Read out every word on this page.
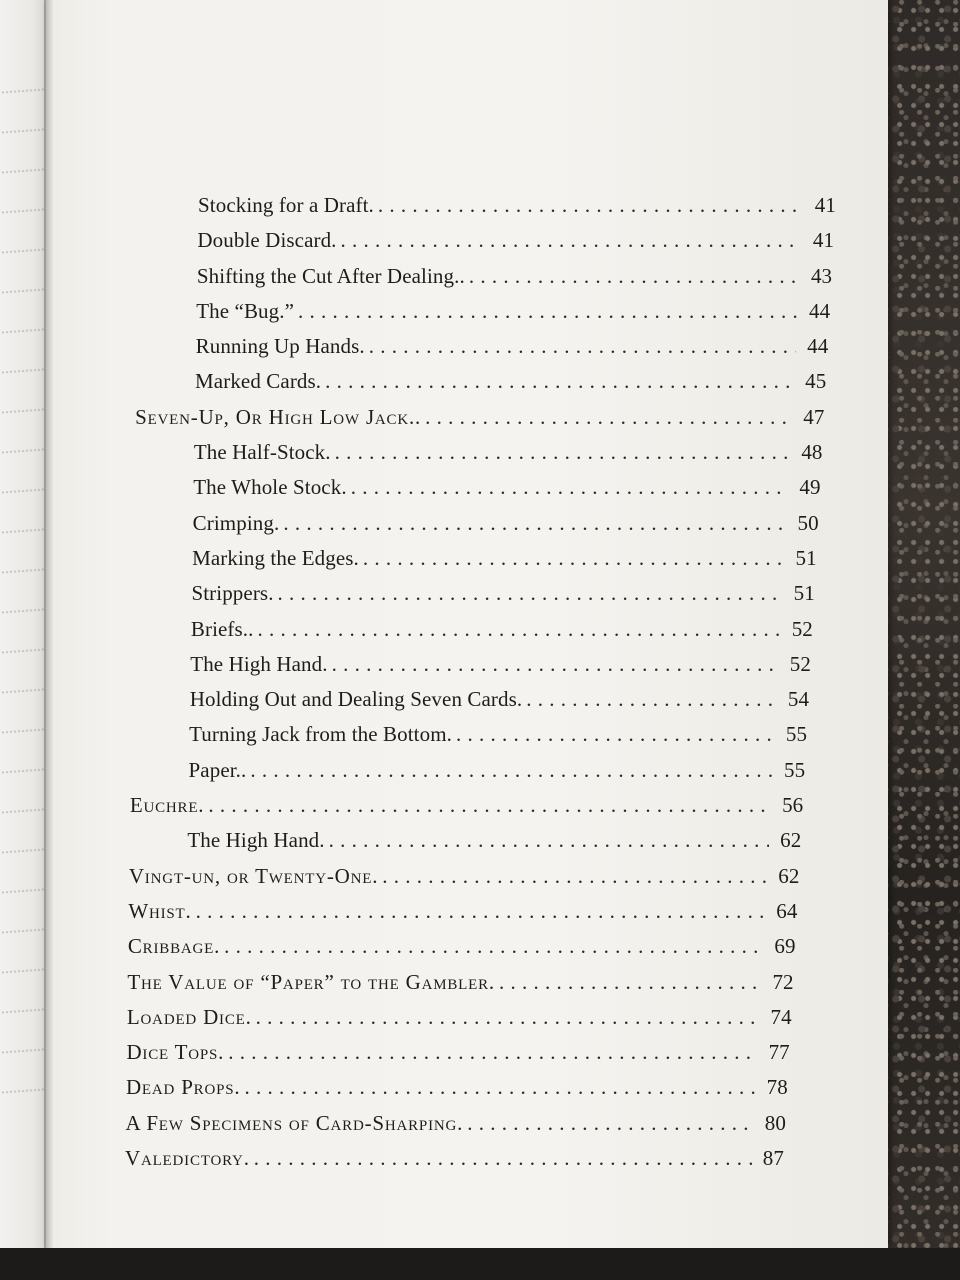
Stocking for a Draft. . . .	41
Double Discard. . . .	41
Shifting the Cut After Dealing.. . . .	43
The “Bug.” . . .	44
Running Up Hands. . . .	44
Marked Cards. . . .	45
Seven-Up, Or High Low Jack.. . . .	47
The Half-Stock. . . .	48
The Whole Stock. . . .	49
Crimping. . . .	50
Marking the Edges. . . .	51
Strippers. . . .	51
Briefs.. . . .	52
The High Hand. . . .	52
Holding Out and Dealing Seven Cards. . . .	54
Turning Jack from the Bottom. . . .	55
Paper.. . . .	55
Euchre. . . .	56
The High Hand. . . .	62
Vingt-un, or Twenty-One. . . .	62
Whist. . . .	64
Cribbage. . . .	69
The Value of “Paper” to the Gambler. . . .	72
Loaded Dice. . . .	74
Dice Tops. . . .	77
Dead Props. . . .	78
A Few Specimens of Card-Sharping. . . .	80
Valedictory. . . .	87
